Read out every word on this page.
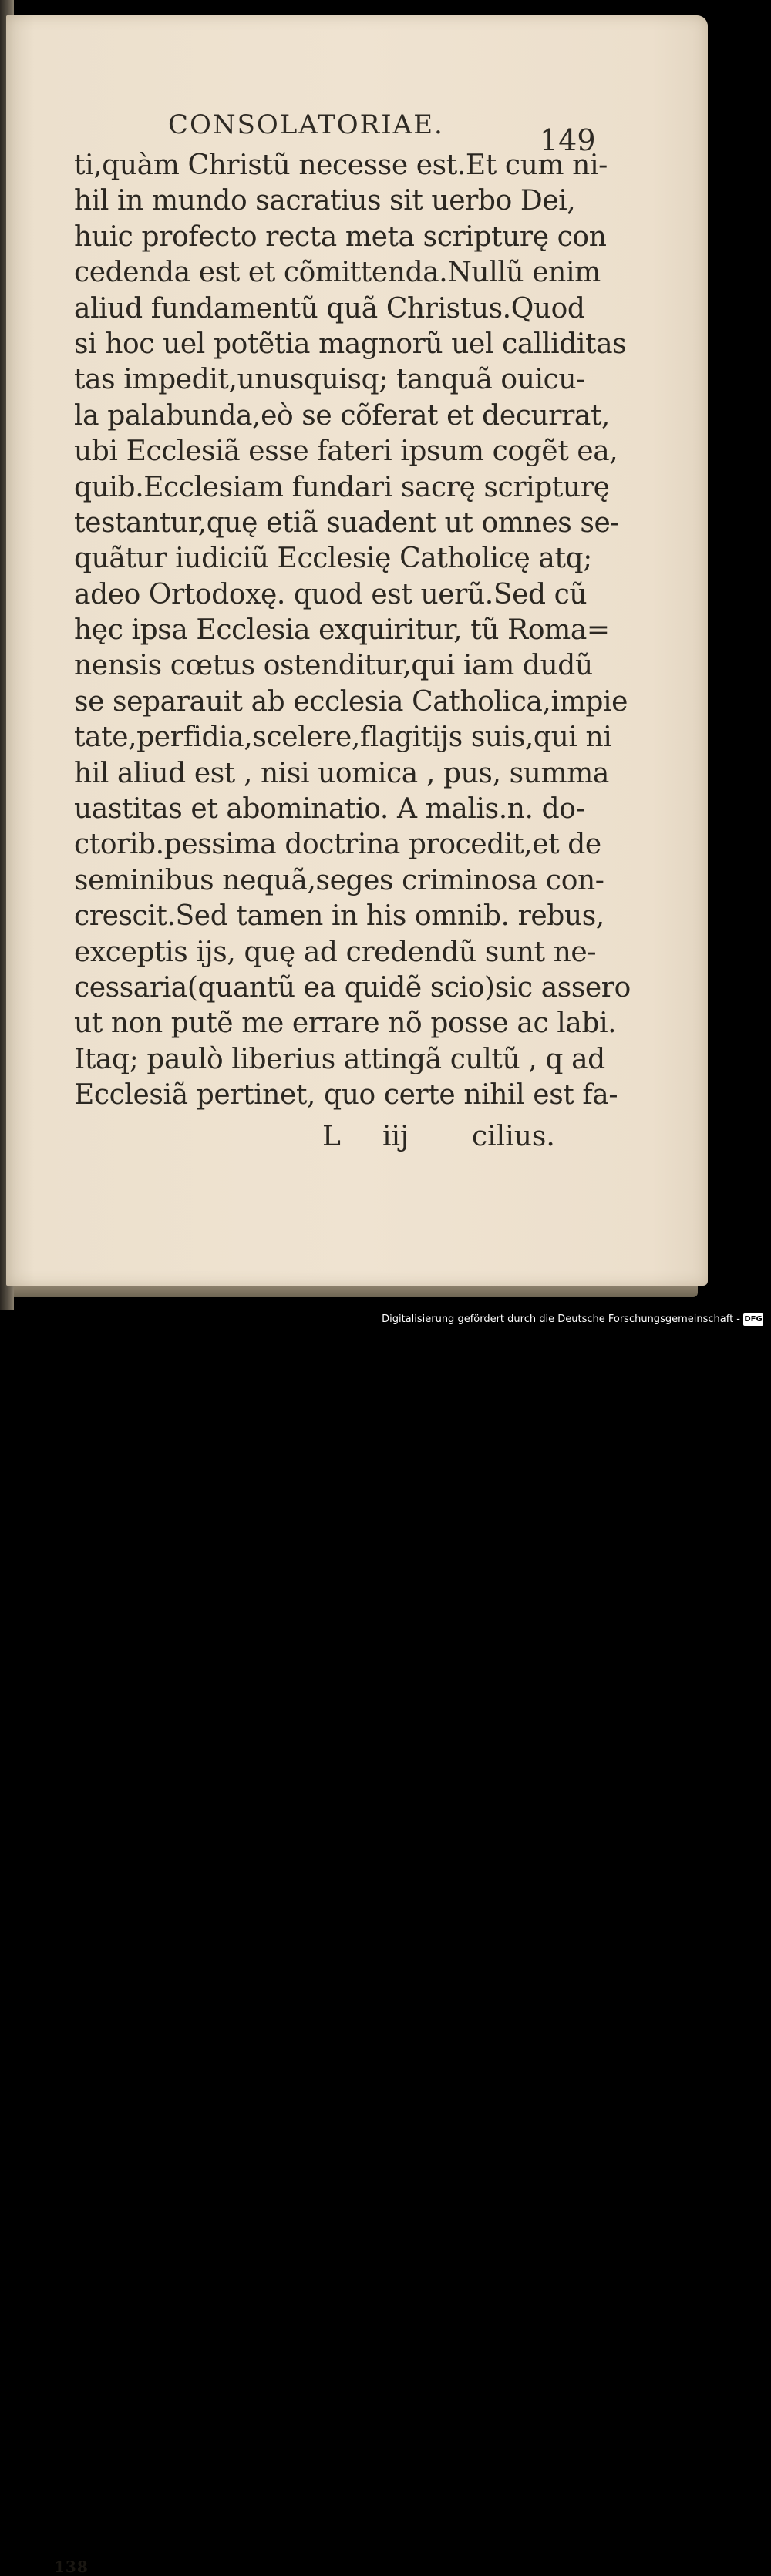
138
CONSOLATORIAE.	149
ti,quàm Christũ necesse est.Et cum ni-
hil in mundo sacratius sit uerbo Dei,
huic profecto recta meta scripturę con
cedenda est et cõmittenda.Nullũ enim
aliud fundamentũ quã Christus.Quod
si hoc uel potẽtia magnorũ uel calliditas
tas impedit,unusquisq; tanquã ouicu-
la palabunda,eò se cõferat et decurrat,
ubi Ecclesiã esse fateri ipsum cogẽt ea,
quib.Ecclesiam fundari sacrę scripturę
testantur,quę etiã suadent ut omnes se-
quãtur iudiciũ Ecclesię Catholicę atq;
adeo Ortodoxę. quod est uerũ.Sed cũ
hęc ipsa Ecclesia exquiritur, tũ Roma=
nensis cœtus ostenditur,qui iam dudũ
se separauit ab ecclesia Catholica,impie
tate,perfidia,scelere,flagitijs suis,qui ni
hil aliud est , nisi uomica , pus, summa
uastitas et abominatio. A malis.n. do-
ctorib.pessima doctrina procedit,et de
seminibus nequã,seges criminosa con-
crescit.Sed tamen in his omnib. rebus,
exceptis ijs, quę ad credendũ sunt ne-
cessaria(quantũ ea quidẽ scio)sic assero
ut non putẽ me errare nõ posse ac labi.
Itaq; paulò liberius attingã cultũ , q ad
Ecclesiã pertinet, quo certe nihil est fa-
L iij cilius.
Digitalisierung gefördert durch die Deutsche Forschungsgemeinschaft - DFG
